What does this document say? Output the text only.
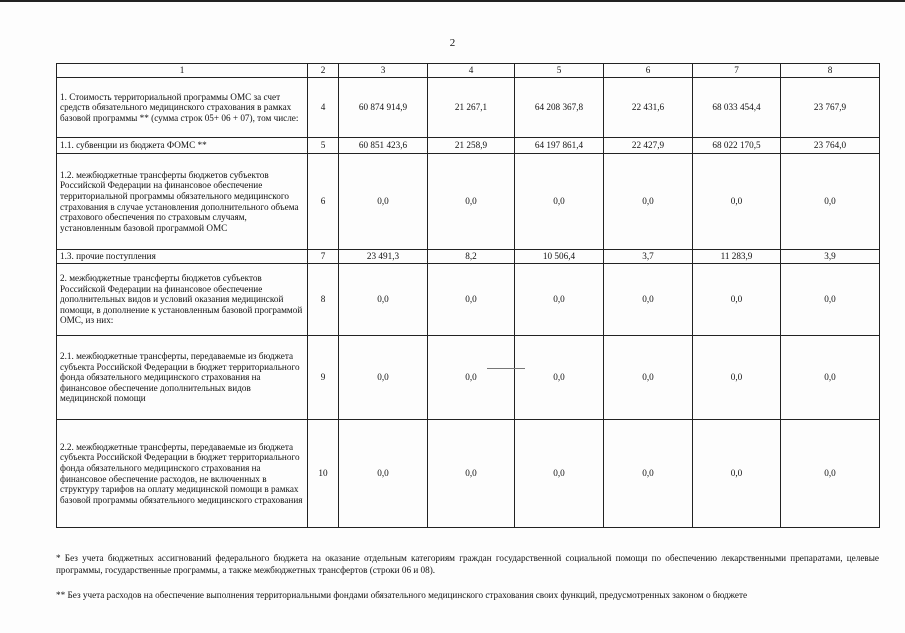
2
1	2	3	4	5	6	7	8
1. Стоимость территориальной программы ОМС за счет средств обязательного медицинского страхования в рамках базовой программы ** (сумма строк 05+ 06 + 07), том числе:	4	60 874 914,9	21 267,1	64 208 367,8	22 431,6	68 033 454,4	23 767,9
1.1. субвенции из бюджета ФОМС **	5	60 851 423,6	21 258,9	64 197 861,4	22 427,9	68 022 170,5	23 764,0
1.2. межбюджетные трансферты бюджетов субъектов Российской Федерации на финансовое обеспечение территориальной программы обязательного медицинского страхования в случае установления дополнительного объема страхового обеспечения по страховым случаям, установленным базовой программой ОМС	6	0,0	0,0	0,0	0,0	0,0	0,0
1.3. прочие поступления	7	23 491,3	8,2	10 506,4	3,7	11 283,9	3,9
2. межбюджетные трансферты бюджетов субъектов Российской Федерации на финансовое обеспечение дополнительных видов и условий оказания медицинской помощи, в дополнение к установленным базовой программой ОМС, из них:	8	0,0	0,0	0,0	0,0	0,0	0,0
2.1. межбюджетные трансферты, передаваемые из бюджета субъекта Российской Федерации в бюджет территориального фонда обязательного медицинского страхования на финансовое обеспечение дополнительных видов медицинской помощи	9	0,0	0,0	0,0	0,0	0,0	0,0
2.2. межбюджетные трансферты, передаваемые из бюджета субъекта Российской Федерации в бюджет территориального фонда обязательного медицинского страхования на финансовое обеспечение расходов, не включенных в структуру тарифов на оплату медицинской помощи в рамках базовой программы обязательного медицинского страхования	10	0,0	0,0	0,0	0,0	0,0	0,0
* Без учета бюджетных ассигнований федерального бюджета на оказание отдельным категориям граждан государственной социальной помощи по обеспечению лекарственными препаратами, целевые программы, государственные программы, а также межбюджетных трансфертов (строки 06 и 08).
** Без учета расходов на обеспечение выполнения территориальными фондами обязательного медицинского страхования своих функций, предусмотренных законом о бюджете
